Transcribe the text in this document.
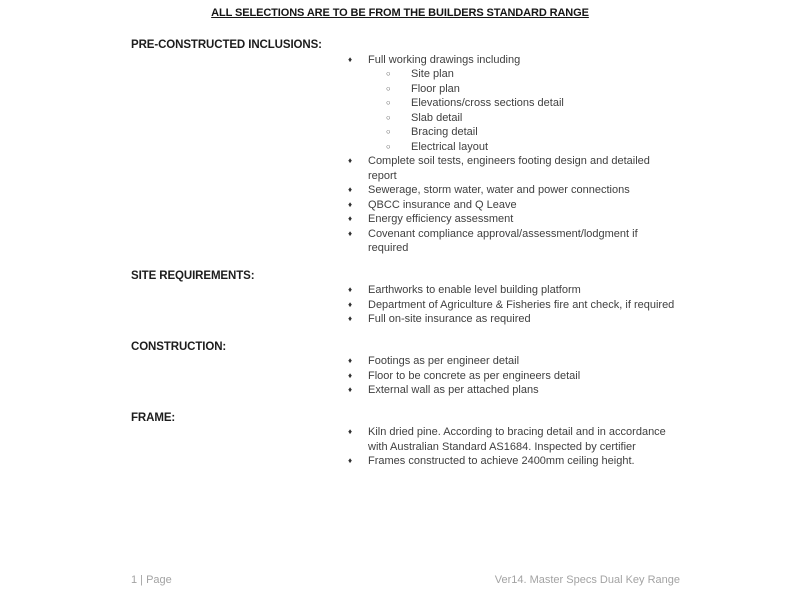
ALL SELECTIONS ARE TO BE FROM THE BUILDERS STANDARD RANGE
PRE-CONSTRUCTED INCLUSIONS:
♦	Full working drawings including
○	Site plan
○	Floor plan
○	Elevations/cross sections detail
○	Slab detail
○	Bracing detail
○	Electrical layout
♦	Complete soil tests, engineers footing design and detailed report
♦	Sewerage, storm water, water and power connections
♦	QBCC insurance and Q Leave
♦	Energy efficiency assessment
♦	Covenant compliance approval/assessment/lodgment if required
SITE REQUIREMENTS:
♦	Earthworks to enable level building platform
♦	Department of Agriculture & Fisheries fire ant check, if required
♦	Full on-site insurance as required
CONSTRUCTION:
♦	Footings as per engineer detail
♦	Floor to be concrete as per engineers detail
♦	External wall as per attached plans
FRAME:
♦	Kiln dried pine. According to bracing detail and in accordance with Australian Standard AS1684. Inspected by certifier
♦	Frames constructed to achieve 2400mm ceiling height.
1 | Page	Ver14. Master Specs Dual Key Range
